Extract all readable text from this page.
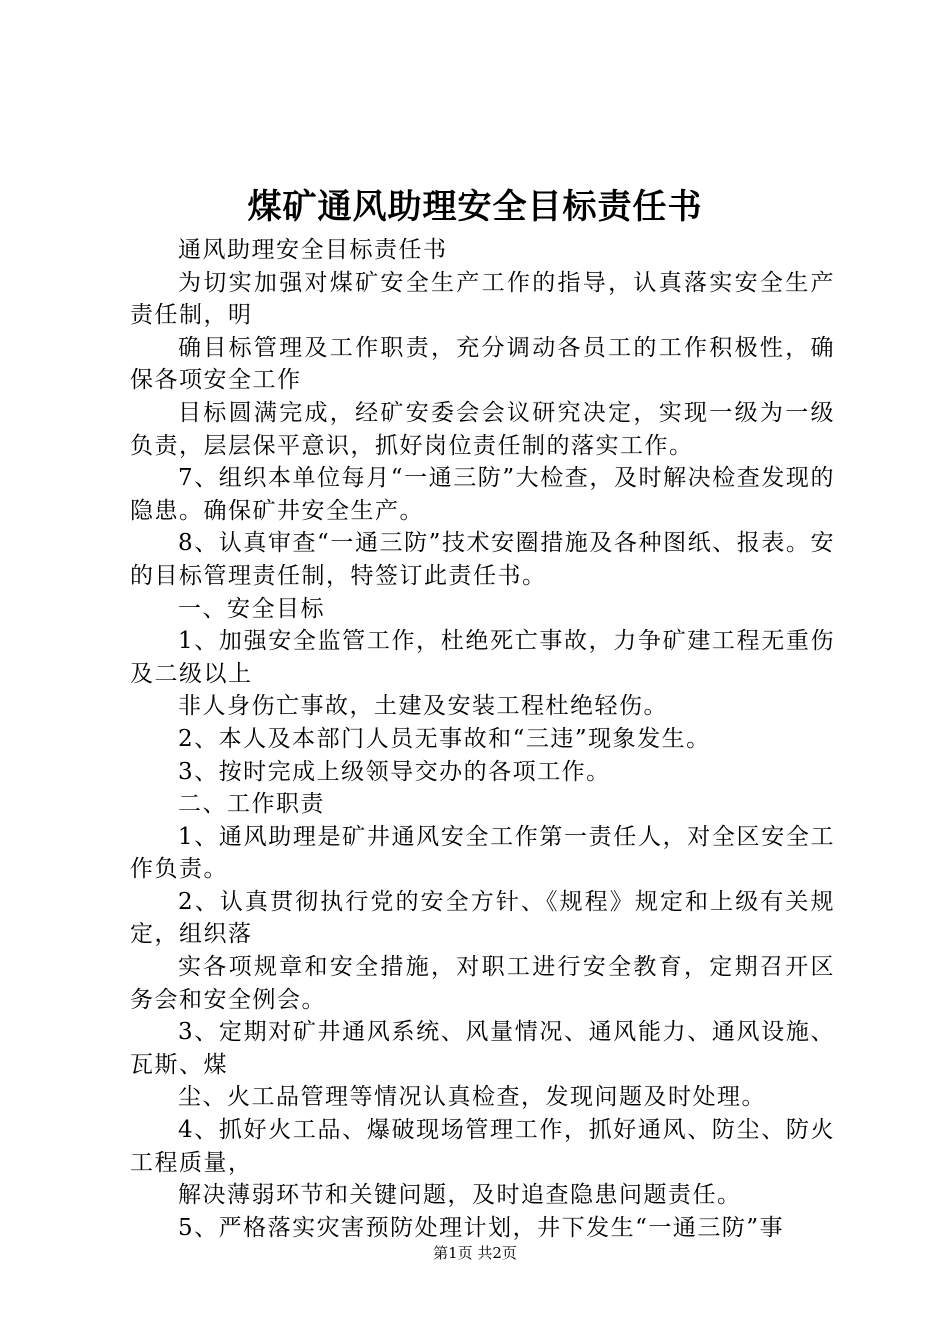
煤矿通风助理安全目标责任书

通风助理安全目标责任书

为切实加强对煤矿安全生产工作的指导，认真落实安全生产责任制，明

确目标管理及工作职责，充分调动各员工的工作积极性，确保各项安全工作

目标圆满完成，经矿安委会会议研究决定，实现一级为一级负责，层层保平意识，抓好岗位责任制的落实工作。

7、组织本单位每月“一通三防”大检查，及时解决检查发现的隐患。确保矿井安全生产。

8、认真审查“一通三防”技术安圈措施及各种图纸、报表。安的目标管理责任制，特签订此责任书。

一、安全目标

1、加强安全监管工作，杜绝死亡事故，力争矿建工程无重伤及二级以上

非人身伤亡事故，土建及安装工程杜绝轻伤。

2、本人及本部门人员无事故和“三违”现象发生。

3、按时完成上级领导交办的各项工作。

二、工作职责

1、通风助理是矿井通风安全工作第一责任人，对全区安全工作负责。

2、认真贯彻执行党的安全方针、《规程》规定和上级有关规定，组织落

实各项规章和安全措施，对职工进行安全教育，定期召开区务会和安全例会。

3、定期对矿井通风系统、风量情况、通风能力、通风设施、瓦斯、煤

尘、火工品管理等情况认真检查，发现问题及时处理。

4、抓好火工品、爆破现场管理工作，抓好通风、防尘、防火工程质量，

解决薄弱环节和关键问题，及时追查隐患问题责任。

5、严格落实灾害预防处理计划，井下发生“一通三防”事

第1页 共2页
